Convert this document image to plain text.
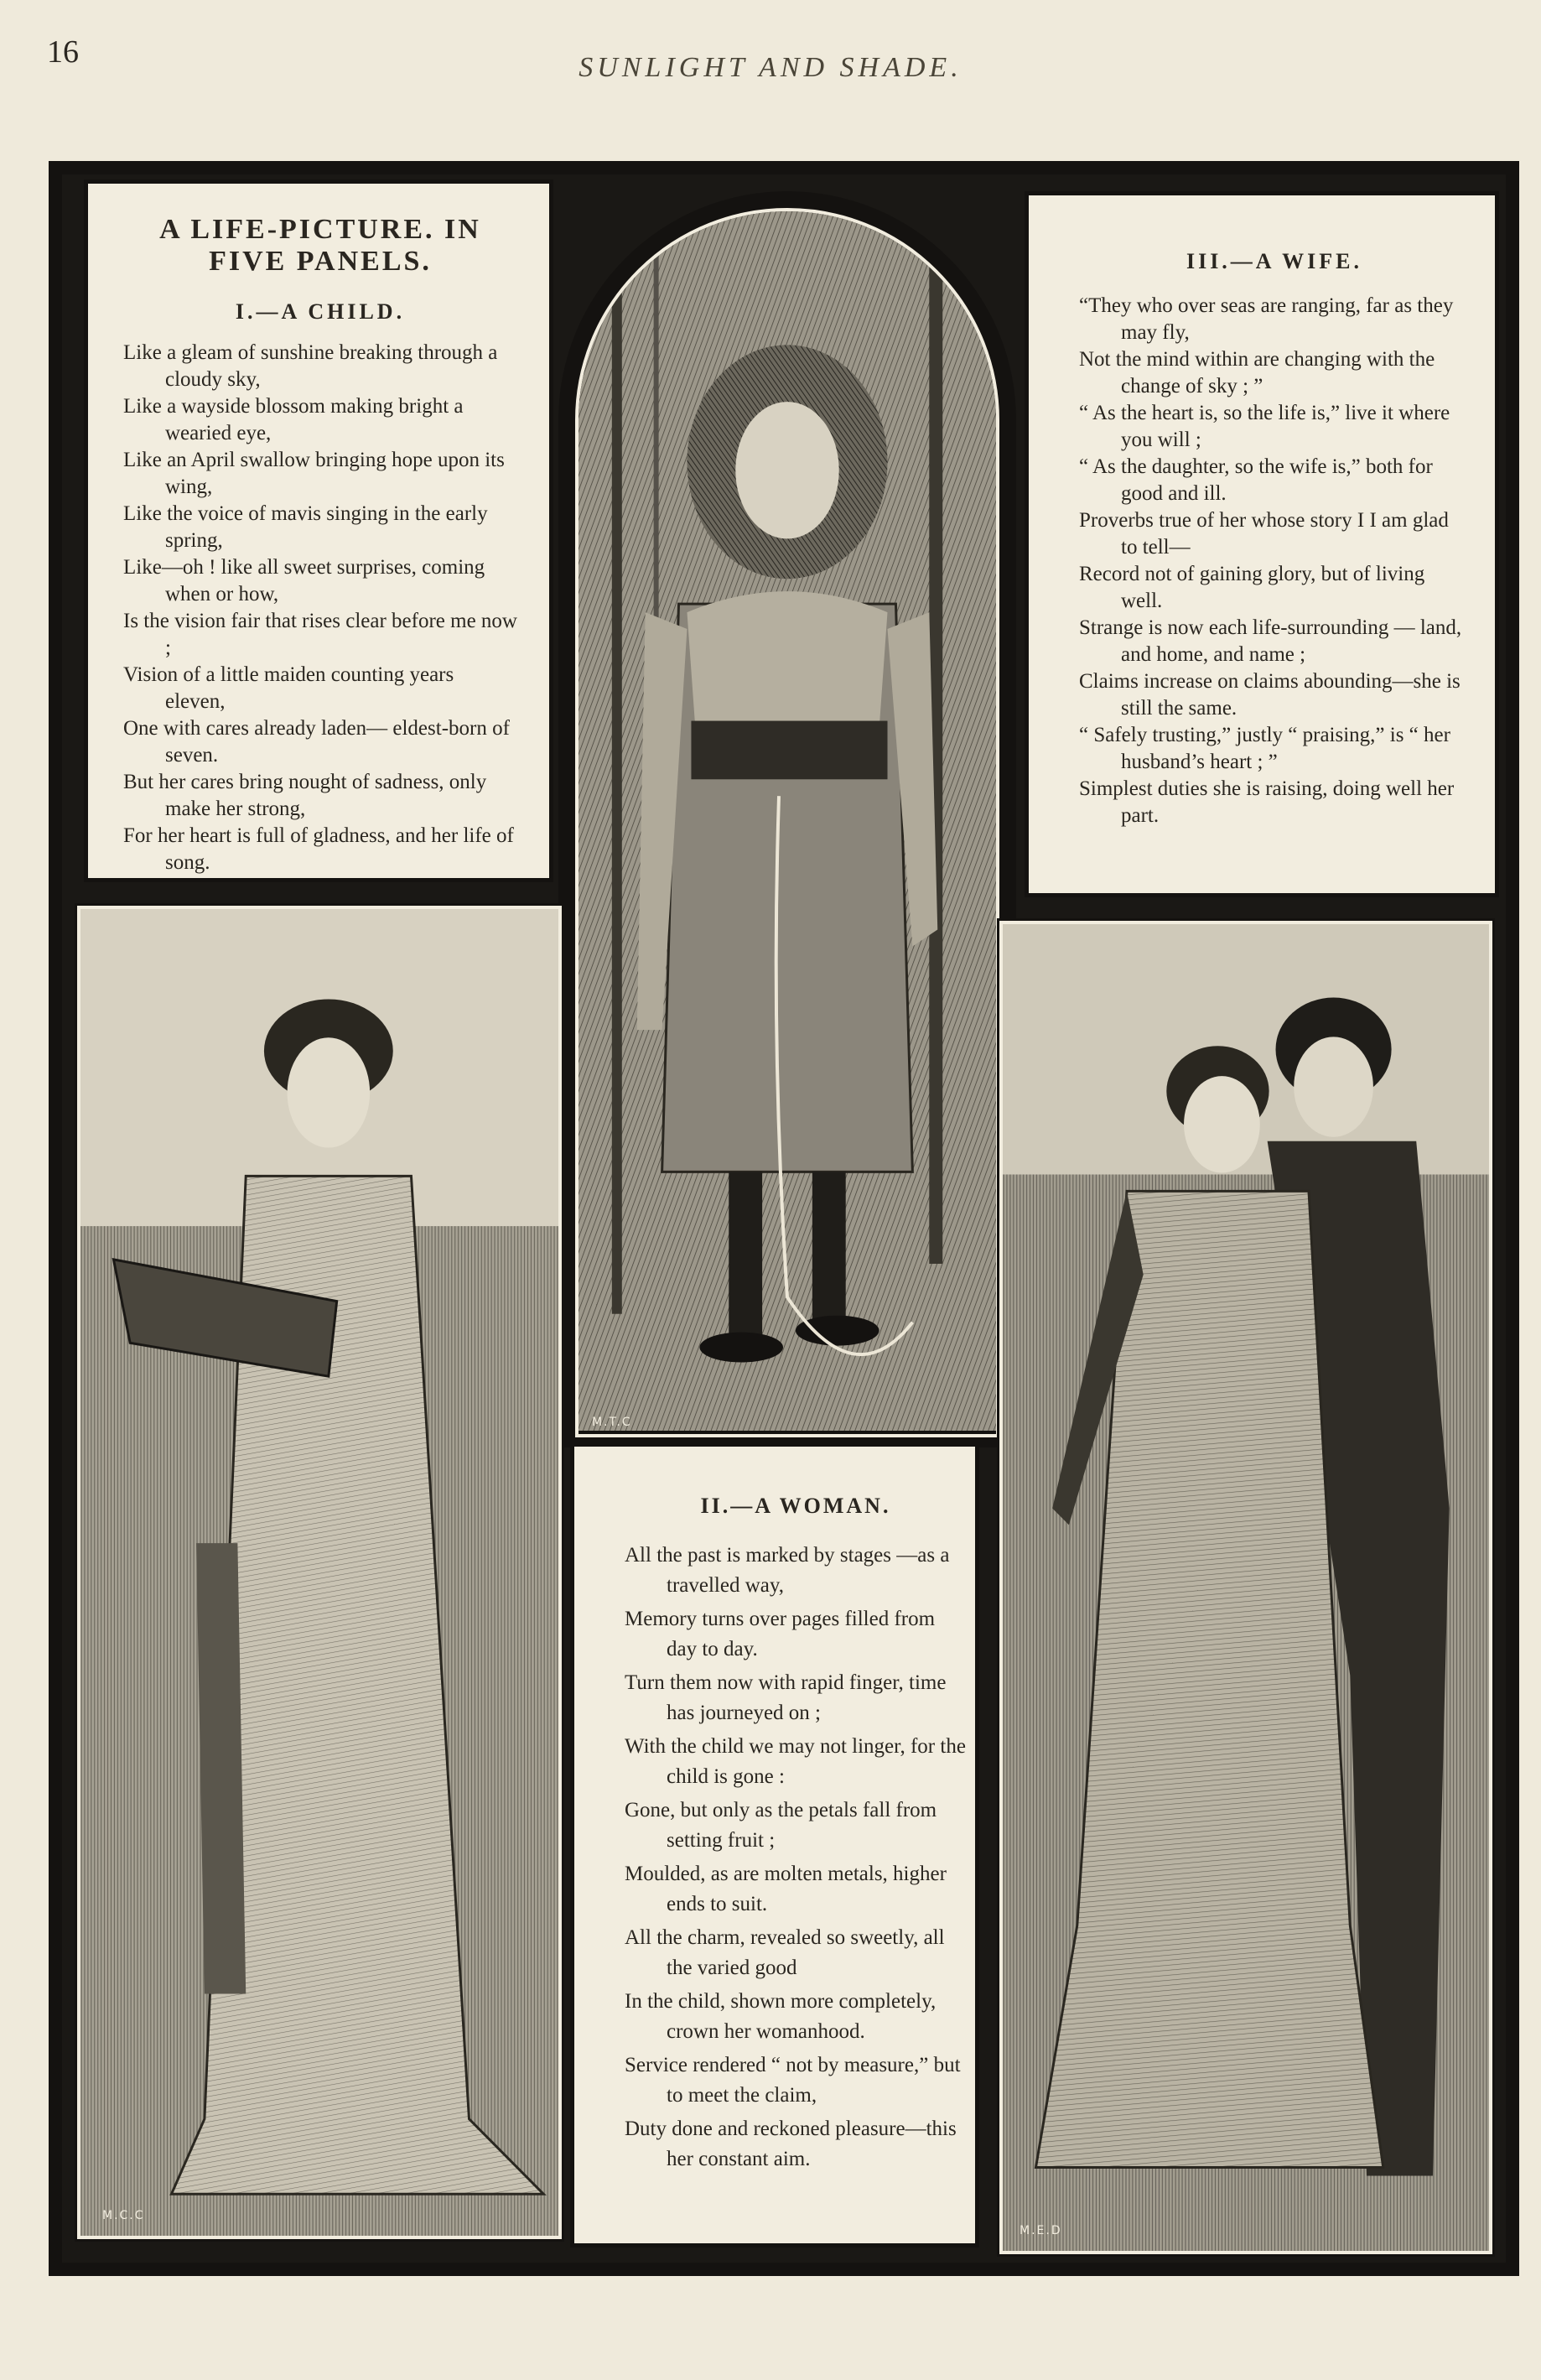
16	SUNLIGHT AND SHADE.
A LIFE-PICTURE. IN FIVE PANELS.
I.—A CHILD.
Like a gleam of sunshine breaking through a cloudy sky,
Like a wayside blossom making bright a wearied eye,
Like an April swallow bringing hope upon its wing,
Like the voice of mavis singing in the early spring,
Like—oh ! like all sweet surprises, coming when or how,
Is the vision fair that rises clear before me now ;
Vision of a little maiden counting years eleven,
One with cares already laden— eldest-born of seven.
But her cares bring nought of sadness, only make her strong,
For her heart is full of gladness, and her life of song.
III.—A WIFE.
“They who over seas are ranging, far as they may fly,
Not the mind within are changing with the change of sky ; ”
“ As the heart is, so the life is,” live it where you will ;
“ As the daughter, so the wife is,” both for good and ill.
Proverbs true of her whose story I I am glad to tell—
Record not of gaining glory, but of living well.
Strange is now each life-surrounding — land, and home, and name ;
Claims increase on claims abounding—she is still the same.
“ Safely trusting,” justly “ praising,” is “ her husband’s heart ; ”
Simplest duties she is raising, doing well her part.
M.T.C
M.C.C
II.—A WOMAN.
All the past is marked by stages —as a travelled way,
Memory turns over pages filled from day to day.
Turn them now with rapid finger, time has journeyed on ;
With the child we may not linger, for the child is gone :
Gone, but only as the petals fall from setting fruit ;
Moulded, as are molten metals, higher ends to suit.
All the charm, revealed so sweetly, all the varied good
In the child, shown more completely, crown her womanhood.
Service rendered “ not by measure,” but to meet the claim,
Duty done and reckoned pleasure—this her constant aim.
M.E.D
